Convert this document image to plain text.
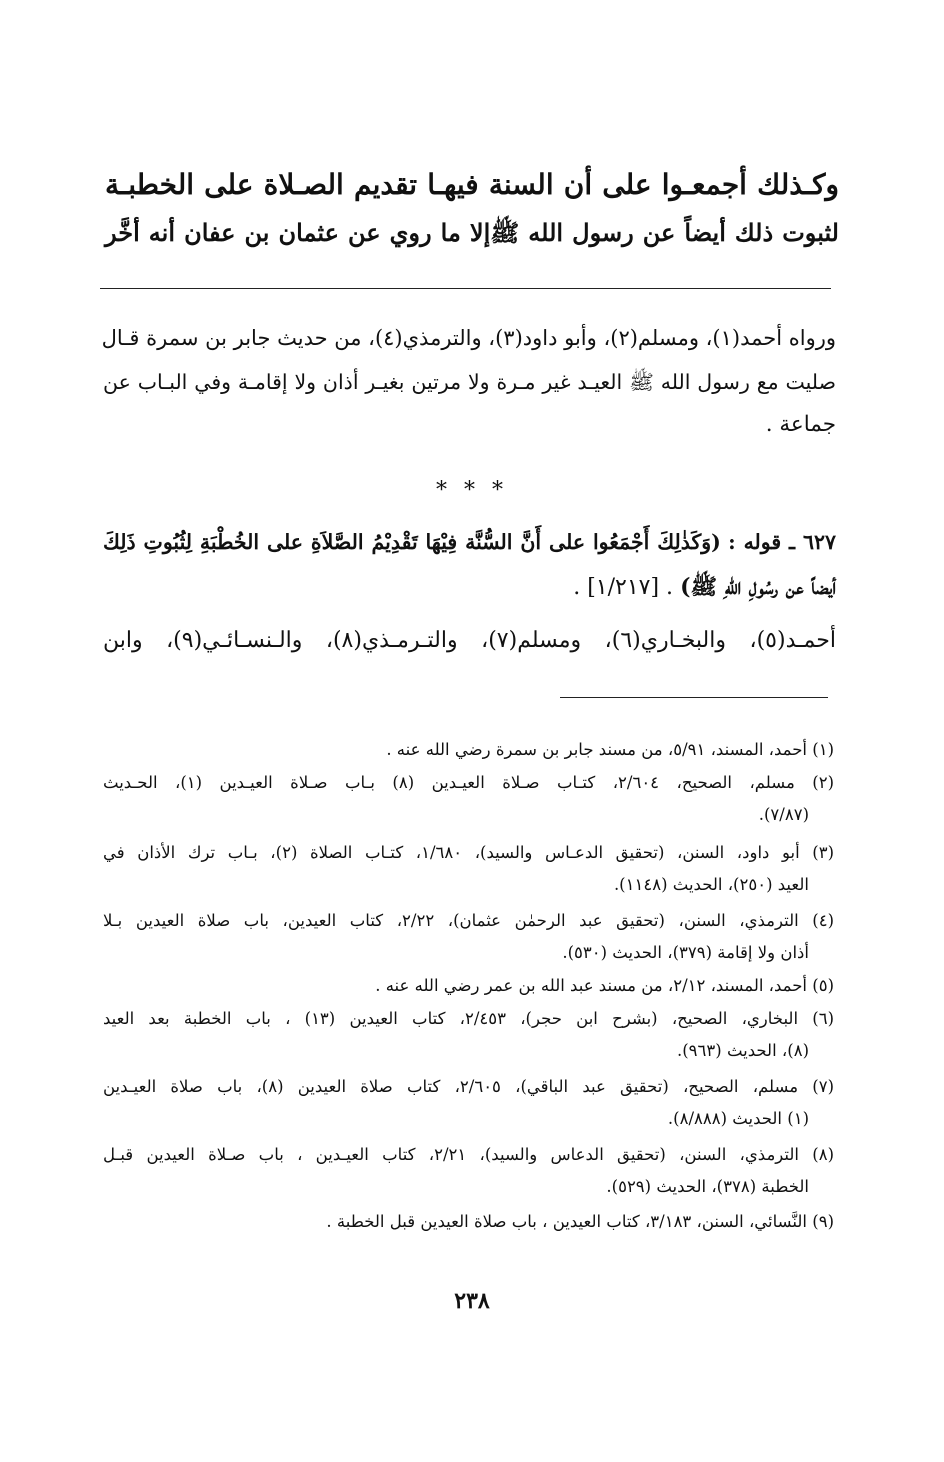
وكـذلك أجمعـوا على أن السنة فيهـا تقديم الصـلاة على الخطبـة
لثبوت ذلك أيضاً عن رسول الله ﷺإلا ما روي عن عثمان بن عفان أنه أخَّر
ورواه أحمد(١)، ومسلم(٢)، وأبو داود(٣)، والترمذي(٤)، من حديث جابر بن سمرة قـال
صليت مع رسول الله ﷺ العيـد غير مـرة ولا مرتين بغيـر أذان ولا إقامـة وفي البـاب عن
جماعة .
* * *
٦٢٧ ـ قوله : (وَكَذٰلِكَ أَجْمَعُوا على أَنَّ السُّنَّة فِيْهَا تَقْدِيْمُ الصَّلاَةِ على الخُطْبَةِ لِثُبُوتِ ذَلِكَ
أيضاً عن رسُولِ اللهِ ﷺ) . [١/٢١٧] .
أحمـد(٥)، والبخـاري(٦)، ومسلم(٧)، والتـرمـذي(٨)، والـنسـائـي(٩)، وابن
(١) أحمد، المسند، ٥/٩١، من مسند جابر بن سمرة رضي الله عنه .
(٢) مسلم، الصحيح، ٢/٦٠٤، كتـاب صـلاة العيـدين (٨) بـاب صـلاة العيـدين (١)، الحـديث
(٧/٨٧).
(٣) أبو داود، السنن، (تحقيق الدعـاس والسيد)، ١/٦٨٠، كتـاب الصلاة (٢)، بـاب ترك الأذان في
العيد (٢٥٠)، الحديث (١١٤٨).
(٤) الترمذي، السنن، (تحقيق عبد الرحمٰن عثمان)، ٢/٢٢، كتاب العيدين، باب صلاة العيدين بـلا
أذان ولا إقامة (٣٧٩)، الحديث (٥٣٠).
(٥) أحمد، المسند، ٢/١٢، من مسند عبد الله بن عمر رضي الله عنه .
(٦) البخاري، الصحيح، (بشرح ابن حجر)، ٢/٤٥٣، كتاب العيدين (١٣) ، باب الخطبة بعد العيد
(٨)، الحديث (٩٦٣).
(٧) مسلم، الصحيح، (تحقيق عبد الباقي)، ٢/٦٠٥، كتاب صلاة العيدين (٨)، باب صلاة العيـدين
(١) الحديث (٨/٨٨٨).
(٨) الترمذي، السنن، (تحقيق الدعاس والسيد)، ٢/٢١، كتاب العيـدين ، باب صـلاة العيدين قبـل
الخطبة (٣٧٨)، الحديث (٥٢٩).
(٩) النَّسائي، السنن، ٣/١٨٣، كتاب العيدين ، باب صلاة العيدين قبل الخطبة .
٢٣٨
